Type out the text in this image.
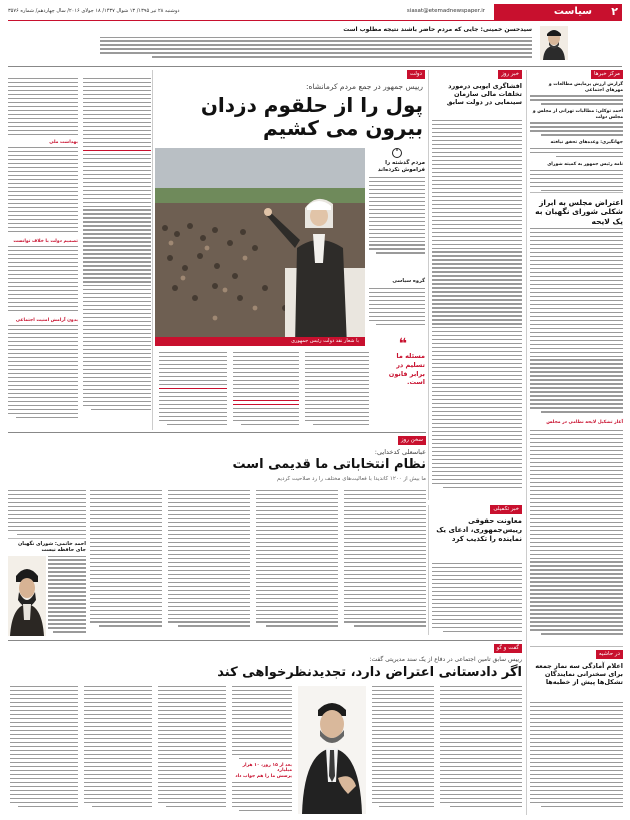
۲
سیاست
siasat@etemadnewspaper.ir
دوشنبه ۲۸ تیر ۱۳۹۵/ ۱۳ شوال ۱۴۳۷/ ۱۸ جولای ۲۰۱۶/ سال چهاردهم/ شماره ۳۵۷۶
سیدحسن خمینی: جایی که مردم حاضر باشند نتیجه مطلوب است
مرکز خبرها
گزارش ارزش پرمایش مطالعات و مهرهای اجتماعی
احمد توکلی: مطالبات تهرانی از مجلس و مجلس دولت
جهانگیری: وعده‌های تحقق نیافته
نامه رئیس جمهور به کمیته شورای
اعتراض مجلس به ابراز شکلی شورای نگهبان به یک لایحه
آغاز تشکیل لایحه نظامی در مجلس
در حاشیه
اعلام آمادگی سه نماز جمعه برای سخنرانی نمایندگان تشکل‌ها پیش از خطبه‌ها
خبر روز
افشاگری ایوبی درمورد تخلفات مالی سازمان سینمایی در دولت سابق
دولت
رییس جمهور در جمع مردم کرمانشاه:
پول را از حلقوم دزدان
بیرون می کشیم
با شعار نقد دولت رئیس جمهوری
"
مردم گذشته را فراموش نکرده‌اند
گروه سیاسی
❝
مسئله ما تسلیم در برابر قانون است.
بهداشت ملی
تصمیم دولت با خلاف توانست
بدون آرامش امنیت اجتماعی
سخن روز
عباسعلی کدخدایی:
نظام انتخاباتی ما قدیمی است
ما بیش از ۱۲۰۰ کاندیدا با فعالیت‌های مختلف را رد صلاحیت کردیم
احمد خاتمی: شورای نگهبان جای حافظه نیست
خبر تکمیلی
معاونت حقوقی رییس‌جمهوری، ادعای یک نماینده را تکذیب کرد
گفت و گو
رییس سابق تامین اجتماعی در دفاع از یک سند مدیریتی گفت:
اگر دادستانی اعتراض دارد، تجدیدنظرخواهی کند
بعد از ۱۵ روز، ۱۰ هزار میلیارد
پرسش ما را هم جواب داد
